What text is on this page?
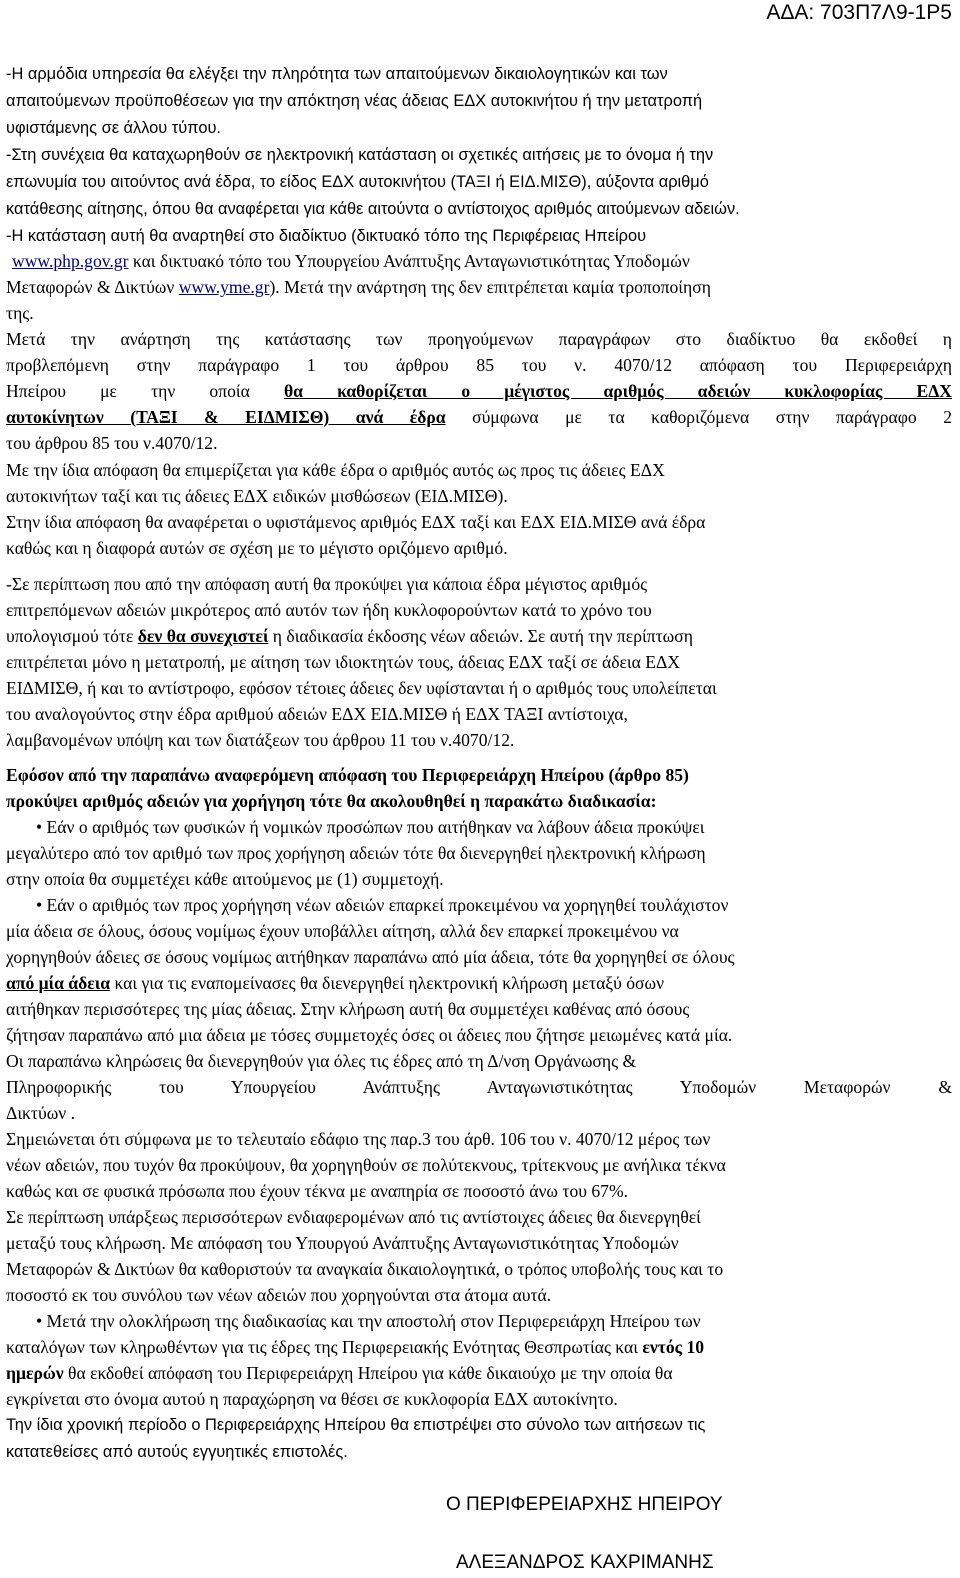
ΑΔΑ: 703Π7Λ9-1Ρ5
-Η αρμόδια υπηρεσία θα ελέγξει την πληρότητα των απαιτούμενων δικαιολογητικών και των
απαιτούμενων προϋποθέσεων για την απόκτηση νέας άδειας ΕΔΧ αυτοκινήτου ή την μετατροπή
υφιστάμενης σε άλλου τύπου.
-Στη συνέχεια θα καταχωρηθούν σε ηλεκτρονική κατάσταση οι σχετικές αιτήσεις με το όνομα ή την
επωνυμία του αιτούντος ανά έδρα, το είδος ΕΔΧ αυτοκινήτου (ΤΑΞΙ ή ΕΙΔ.ΜΙΣΘ), αύξοντα αριθμό
κατάθεσης αίτησης, όπου θα αναφέρεται για κάθε αιτούντα ο αντίστοιχος αριθμός αιτούμενων αδειών.
-Η κατάσταση αυτή θα αναρτηθεί στο διαδίκτυο (δικτυακό τόπο της Περιφέρειας Ηπείρου
www.php.gov.gr και δικτυακό τόπο του Υπουργείου Ανάπτυξης Ανταγωνιστικότητας Υποδομών
Μεταφορών & Δικτύων www.yme.gr). Μετά την ανάρτηση της δεν επιτρέπεται καμία τροποποίηση
της.
Μετά την ανάρτηση της κατάστασης των προηγούμενων παραγράφων στο διαδίκτυο θα εκδοθεί η
προβλεπόμενη στην παράγραφο 1 του άρθρου 85 του ν. 4070/12 απόφαση του Περιφερειάρχη
Ηπείρου με την οποία θα καθορίζεται ο μέγιστος αριθμός αδειών κυκλοφορίας ΕΔΧ
αυτοκίνητων (ΤΑΞΙ & ΕΙΔΜΙΣΘ) ανά έδρα σύμφωνα με τα καθοριζόμενα στην παράγραφο 2
του άρθρου 85 του ν.4070/12.
Με την ίδια απόφαση θα επιμερίζεται για κάθε έδρα ο αριθμός αυτός ως προς τις άδειες ΕΔΧ
αυτοκινήτων ταξί και τις άδειες ΕΔΧ ειδικών μισθώσεων (ΕΙΔ.ΜΙΣΘ).
Στην ίδια απόφαση θα αναφέρεται ο υφιστάμενος αριθμός ΕΔΧ ταξί και ΕΔΧ ΕΙΔ.ΜΙΣΘ ανά έδρα
καθώς και η διαφορά αυτών σε σχέση με το μέγιστο οριζόμενο αριθμό.
-Σε περίπτωση που από την απόφαση αυτή θα προκύψει για κάποια έδρα μέγιστος αριθμός
επιτρεπόμενων αδειών μικρότερος από αυτόν των ήδη κυκλοφορούντων κατά το χρόνο του
υπολογισμού τότε δεν θα συνεχιστεί η διαδικασία έκδοσης νέων αδειών. Σε αυτή την περίπτωση
επιτρέπεται μόνο η μετατροπή, με αίτηση των ιδιοκτητών τους, άδειας ΕΔΧ ταξί σε άδεια ΕΔΧ
ΕΙΔΜΙΣΘ, ή και το αντίστροφο, εφόσον τέτοιες άδειες δεν υφίστανται ή ο αριθμός τους υπολείπεται
του αναλογούντος στην έδρα αριθμού αδειών ΕΔΧ ΕΙΔ.ΜΙΣΘ ή ΕΔΧ ΤΑΞΙ αντίστοιχα,
λαμβανομένων υπόψη και των διατάξεων του άρθρου 11 του ν.4070/12.
Εφόσον από την παραπάνω αναφερόμενη απόφαση του Περιφερειάρχη Ηπείρου (άρθρο 85)
προκύψει αριθμός αδειών για χορήγηση τότε θα ακολουθηθεί η παρακάτω διαδικασία:
• Εάν ο αριθμός των φυσικών ή νομικών προσώπων που αιτήθηκαν να λάβουν άδεια προκύψει
μεγαλύτερο από τον αριθμό των προς χορήγηση αδειών τότε θα διενεργηθεί ηλεκτρονική κλήρωση
στην οποία θα συμμετέχει κάθε αιτούμενος με (1) συμμετοχή.
• Εάν ο αριθμός των προς χορήγηση νέων αδειών επαρκεί προκειμένου να χορηγηθεί τουλάχιστον
μία άδεια σε όλους, όσους νομίμως έχουν υποβάλλει αίτηση, αλλά δεν επαρκεί προκειμένου να
χορηγηθούν άδειες σε όσους νομίμως αιτήθηκαν παραπάνω από μία άδεια, τότε θα χορηγηθεί σε όλους
από μία άδεια και για τις εναπομείνασες θα διενεργηθεί ηλεκτρονική κλήρωση μεταξύ όσων
αιτήθηκαν περισσότερες της μίας άδειας. Στην κλήρωση αυτή θα συμμετέχει καθένας από όσους
ζήτησαν παραπάνω από μια άδεια με τόσες συμμετοχές όσες οι άδειες που ζήτησε μειωμένες κατά μία.
Οι παραπάνω κληρώσεις θα διενεργηθούν για όλες τις έδρες από τη Δ/νση Οργάνωσης &
Πληροφορικής του Υπουργείου Ανάπτυξης Ανταγωνιστικότητας Υποδομών Μεταφορών &
Δικτύων .
Σημειώνεται ότι σύμφωνα με το τελευταίο εδάφιο της παρ.3 του άρθ. 106 του ν. 4070/12 μέρος των
νέων αδειών, που τυχόν θα προκύψουν, θα χορηγηθούν σε πολύτεκνους, τρίτεκνους με ανήλικα τέκνα
καθώς και σε φυσικά πρόσωπα που έχουν τέκνα με αναπηρία σε ποσοστό άνω του 67%.
Σε περίπτωση υπάρξεως περισσότερων ενδιαφερομένων από τις αντίστοιχες άδειες θα διενεργηθεί
μεταξύ τους κλήρωση. Με απόφαση του Υπουργού Ανάπτυξης Ανταγωνιστικότητας Υποδομών
Μεταφορών & Δικτύων θα καθοριστούν τα αναγκαία δικαιολογητικά, ο τρόπος υποβολής τους και το
ποσοστό εκ του συνόλου των νέων αδειών που χορηγούνται στα άτομα αυτά.
• Μετά την ολοκλήρωση της διαδικασίας και την αποστολή στον Περιφερειάρχη Ηπείρου των
καταλόγων των κληρωθέντων για τις έδρες της Περιφερειακής Ενότητας Θεσπρωτίας και εντός 10
ημερών θα εκδοθεί απόφαση του Περιφερειάρχη Ηπείρου για κάθε δικαιούχο με την οποία θα
εγκρίνεται στο όνομα αυτού η παραχώρηση να θέσει σε κυκλοφορία ΕΔΧ αυτοκίνητο.
Την ίδια χρονική περίοδο ο Περιφερειάρχης Ηπείρου θα επιστρέψει στο σύνολο των αιτήσεων τις
κατατεθείσες από αυτούς εγγυητικές επιστολές.
Ο ΠΕΡΙΦΕΡΕΙΑΡΧΗΣ ΗΠΕΙΡΟΥ
ΑΛΕΞΑΝΔΡΟΣ ΚΑΧΡΙΜΑΝΗΣ
